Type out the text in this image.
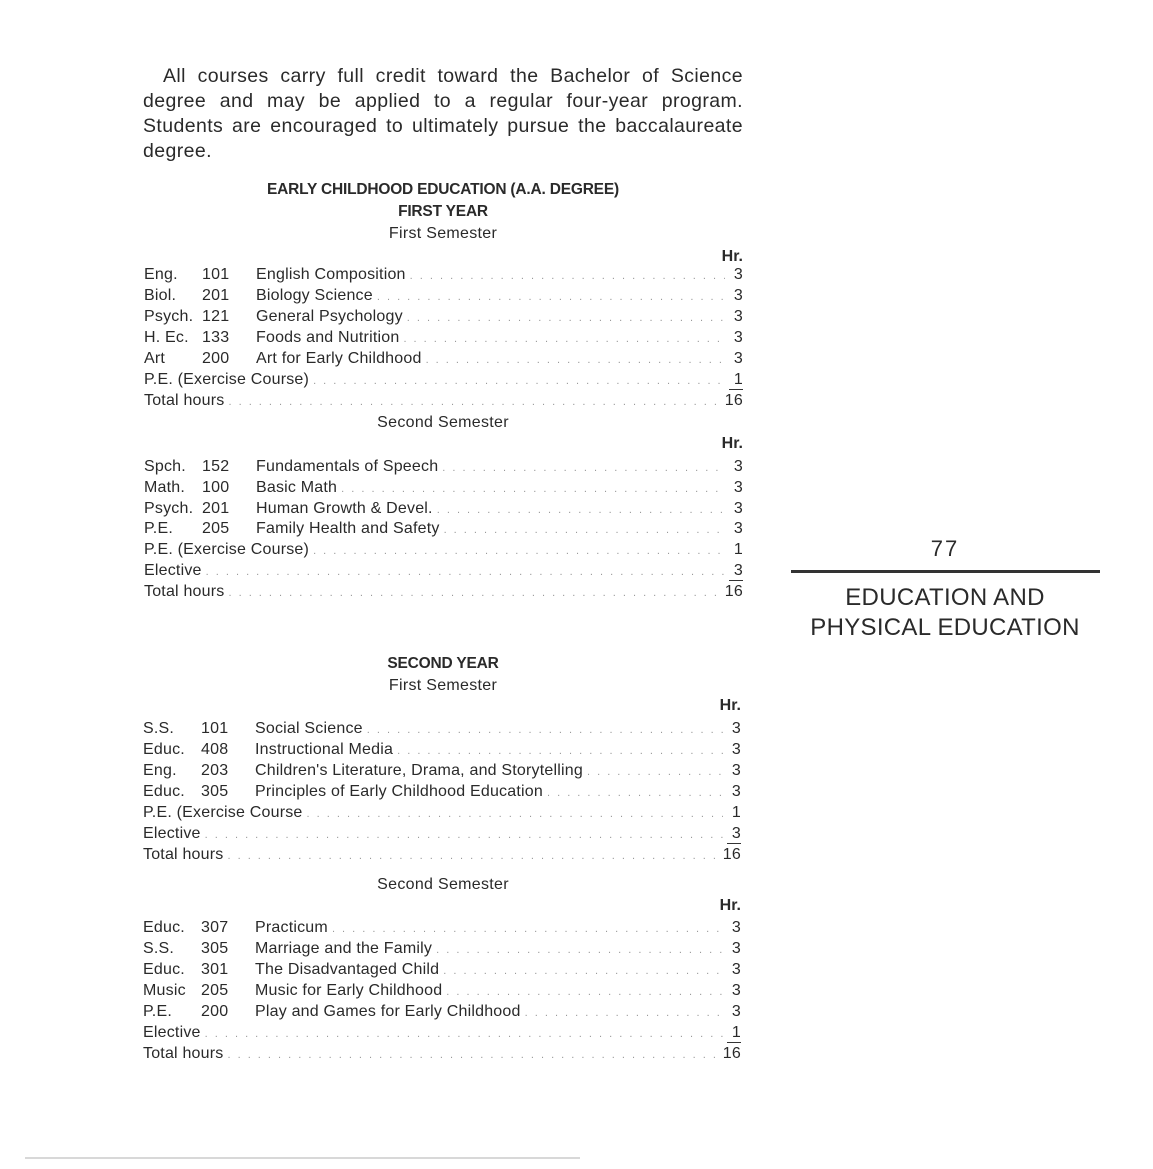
All courses carry full credit toward the Bachelor of Science degree and may be applied to a regular four-year program. Students are encouraged to ultimately pursue the baccalaureate degree.

EARLY CHILDHOOD EDUCATION (A.A. DEGREE)
FIRST YEAR
First Semester
Hr.
Eng.	101	English Composition . . .	3
Biol.	201	Biology Science . . .	3
Psych. 121	General Psychology . . .	3
H. Ec. 133	Foods and Nutrition . . .	3
Art	200	Art for Early Childhood . . .	3
P.E. (Exercise Course) . . .	1
Total hours . . .	16
Second Semester
Hr.
Spch.	152	Fundamentals of Speech . . .	3
Math.	100	Basic Math . . .	3
Psych. 201	Human Growth & Devel. . . .	3
P.E.	205	Family Health and Safety . . .	3
P.E. (Exercise Course) . . .	1
Elective . . .	3
Total hours . . .	16
SECOND YEAR
First Semester
Hr.
S.S.	101	Social Science . . .	3
Educ.	408	Instructional Media . . .	3
Eng.	203	Children's Literature, Drama, and Storytelling . . .	3
Educ.	305	Principles of Early Childhood Education . . .	3
P.E. (Exercise Course . . .	1
Elective . . .	3
Total hours . . .	16
Second Semester
Hr.
Educ.	307	Practicum . . .	3
S.S.	305	Marriage and the Family . . .	3
Educ.	301	The Disadvantaged Child . . .	3
Music 205	Music for Early Childhood . . .	3
P.E.	200	Play and Games for Early Childhood . . .	3
Elective . . .	1
Total hours . . .	16
77
EDUCATION AND
PHYSICAL EDUCATION
